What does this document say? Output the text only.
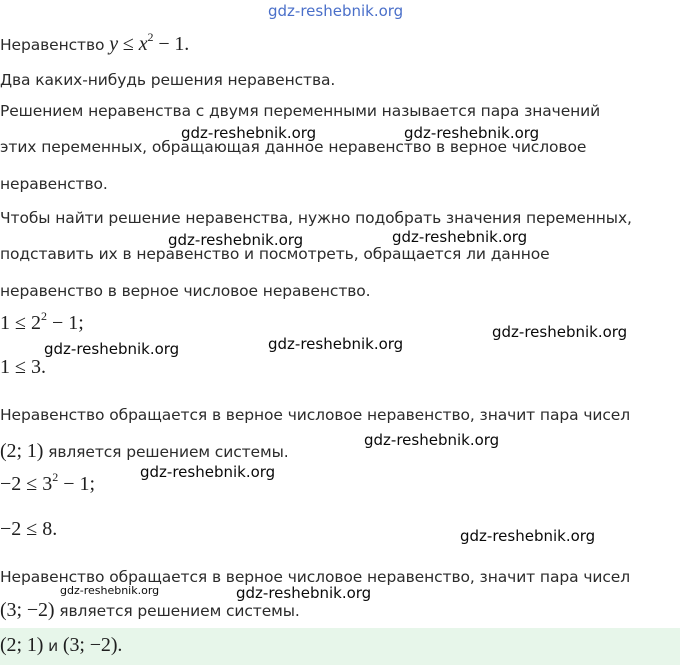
gdz-reshebnik.org
Неравенство $y \le x^2 - 1$.
Два каких-нибудь решения неравенства.
Решением неравенства с двумя переменными называется пара значений
gdz-reshebnik.org	gdz-reshebnik.org
этих переменных, обращающая данное неравенство в верное числовое
неравенство.
Чтобы найти решение неравенства, нужно подобрать значения переменных,
gdz-reshebnik.org	gdz-reshebnik.org
подставить их в неравенство и посмотреть, обращается ли данное
неравенство в верное числовое неравенство.
$1 \le 2^2 - 1$;	gdz-reshebnik.org
gdz-reshebnik.org	gdz-reshebnik.org
1 ≤ 3.
Неравенство обращается в верное числовое неравенство, значит пара чисел
(2; 1) является решением системы.
gdz-reshebnik.org
gdz-reshebnik.org
$-2 \le 3^2 - 1$;
−2 ≤ 8.	gdz-reshebnik.org
Неравенство обращается в верное числовое неравенство, значит пара чисел
gdz-reshebnik.org	gdz-reshebnik.org
(3; −2) является решением системы.
(2; 1) и (3; −2).
